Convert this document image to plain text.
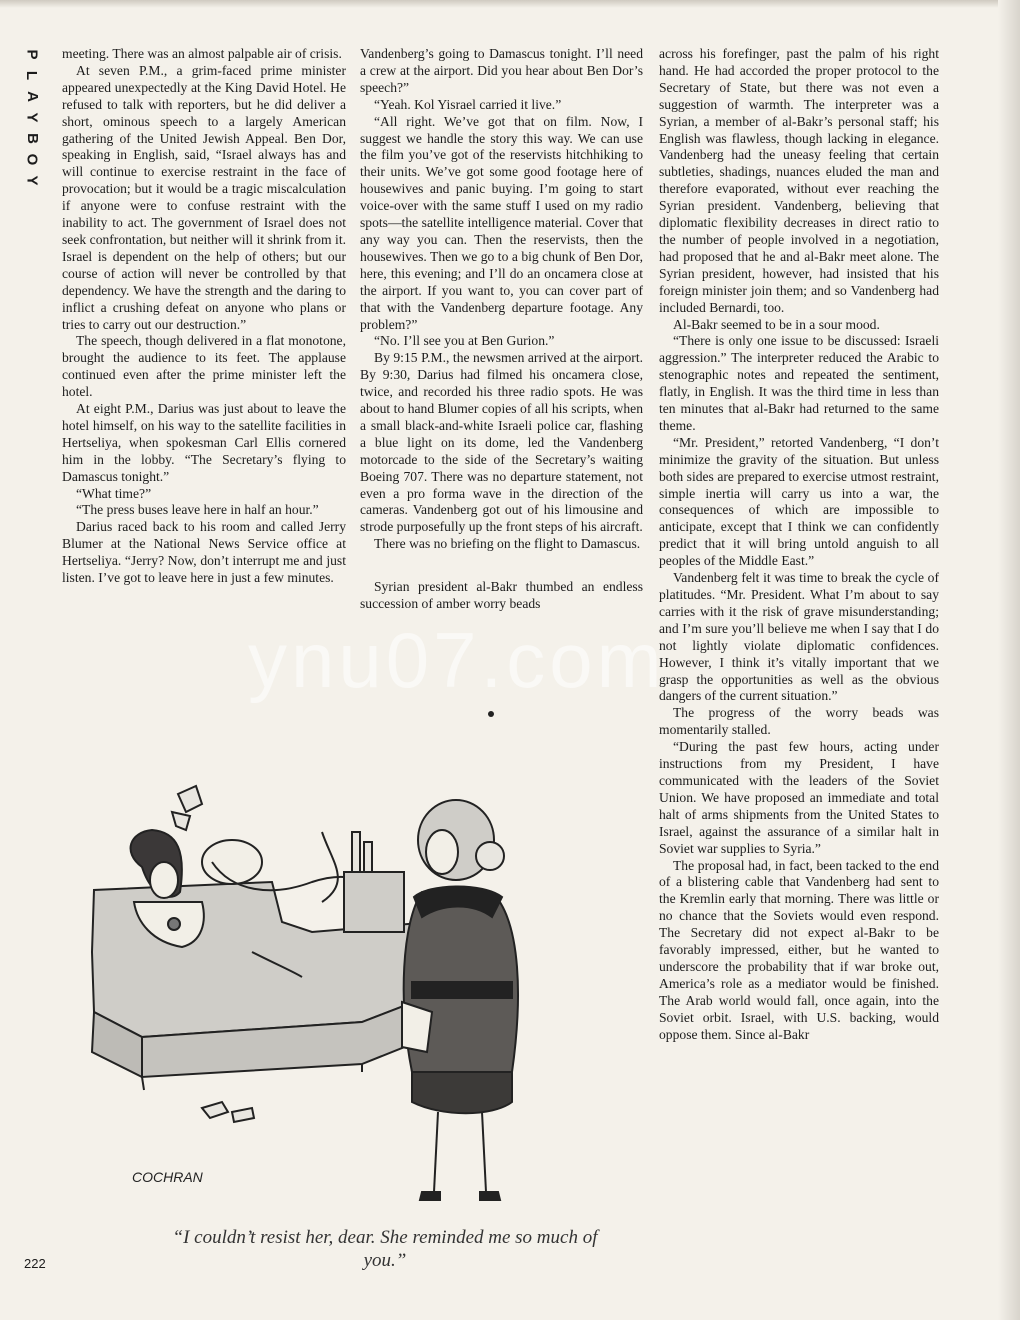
P
L
A
Y
B
O
Y

meeting. There was an almost palpable air of crisis.

At seven P.M., a grim-faced prime minister appeared unexpectedly at the King David Hotel. He refused to talk with reporters, but he did deliver a short, ominous speech to a largely American gathering of the United Jewish Appeal. Ben Dor, speaking in English, said, “Israel always has and will continue to exercise restraint in the face of provocation; but it would be a tragic miscalculation if anyone were to confuse restraint with the inability to act. The government of Israel does not seek confrontation, but neither will it shrink from it. Israel is dependent on the help of others; but our course of action will never be controlled by that dependency. We have the strength and the daring to inflict a crushing defeat on anyone who plans or tries to carry out our destruction.”

The speech, though delivered in a flat monotone, brought the audience to its feet. The applause continued even after the prime minister left the hotel.

At eight P.M., Darius was just about to leave the hotel himself, on his way to the satellite facilities in Hertseliya, when spokesman Carl Ellis cornered him in the lobby. “The Secretary’s flying to Damascus tonight.”

“What time?”

“The press buses leave here in half an hour.”

Darius raced back to his room and called Jerry Blumer at the National News Service office at Hertseliya. “Jerry? Now, don’t interrupt me and just listen. I’ve got to leave here in just a few minutes.

Vandenberg’s going to Damascus tonight. I’ll need a crew at the airport. Did you hear about Ben Dor’s speech?”

“Yeah. Kol Yisrael carried it live.”

“All right. We’ve got that on film. Now, I suggest we handle the story this way. We can use the film you’ve got of the reservists hitchhiking to their units. We’ve got some good footage here of housewives and panic buying. I’m going to start voice-over with the same stuff I used on my radio spots—the satellite intelligence material. Cover that any way you can. Then the reservists, then the housewives. Then we go to a big chunk of Ben Dor, here, this evening; and I’ll do an oncamera close at the airport. If you want to, you can cover part of that with the Vandenberg departure footage. Any problem?”

“No. I’ll see you at Ben Gurion.”

By 9:15 P.M., the newsmen arrived at the airport. By 9:30, Darius had filmed his oncamera close, twice, and recorded his three radio spots. He was about to hand Blumer copies of all his scripts, when a small black-and-white Israeli police car, flashing a blue light on its dome, led the Vandenberg motorcade to the side of the Secretary’s waiting Boeing 707. There was no departure statement, not even a pro forma wave in the direction of the cameras. Vandenberg got out of his limousine and strode purposefully up the front steps of his aircraft.

There was no briefing on the flight to Damascus.

Syrian president al-Bakr thumbed an endless succession of amber worry beads

across his forefinger, past the palm of his right hand. He had accorded the proper protocol to the Secretary of State, but there was not even a suggestion of warmth. The interpreter was a Syrian, a member of al-Bakr’s personal staff; his English was flawless, though lacking in elegance. Vandenberg had the uneasy feeling that certain subtleties, shadings, nuances eluded the man and therefore evaporated, without ever reaching the Syrian president. Vandenberg, believing that diplomatic flexibility decreases in direct ratio to the number of people involved in a negotiation, had proposed that he and al-Bakr meet alone. The Syrian president, however, had insisted that his foreign minister join them; and so Vandenberg had included Bernardi, too.

Al-Bakr seemed to be in a sour mood.

“There is only one issue to be discussed: Israeli aggression.” The interpreter reduced the Arabic to stenographic notes and repeated the sentiment, flatly, in English. It was the third time in less than ten minutes that al-Bakr had returned to the same theme.

“Mr. President,” retorted Vandenberg, “I don’t minimize the gravity of the situation. But unless both sides are prepared to exercise utmost restraint, simple inertia will carry us into a war, the consequences of which are impossible to anticipate, except that I think we can confidently predict that it will bring untold anguish to all peoples of the Middle East.”

Vandenberg felt it was time to break the cycle of platitudes. “Mr. President. What I’m about to say carries with it the risk of grave misunderstanding; and I’m sure you’ll believe me when I say that I do not lightly violate diplomatic confidences. However, I think it’s vitally important that we grasp the opportunities as well as the obvious dangers of the current situation.”

The progress of the worry beads was momentarily stalled.

“During the past few hours, acting under instructions from my President, I have communicated with the leaders of the Soviet Union. We have proposed an immediate and total halt of arms shipments from the United States to Israel, against the assurance of a similar halt in Soviet war supplies to Syria.”

The proposal had, in fact, been tacked to the end of a blistering cable that Vandenberg had sent to the Kremlin early that morning. There was little or no chance that the Soviets would even respond. The Secretary did not expect al-Bakr to be favorably impressed, either, but he wanted to underscore the probability that if war broke out, America’s role as a mediator would be finished. The Arab world would fall, once again, into the Soviet orbit. Israel, with U.S. backing, would oppose them. Since al-Bakr

ynu07.com
COCHRAN
“I couldn’t resist her, dear. She reminded me so much of you.”
222
